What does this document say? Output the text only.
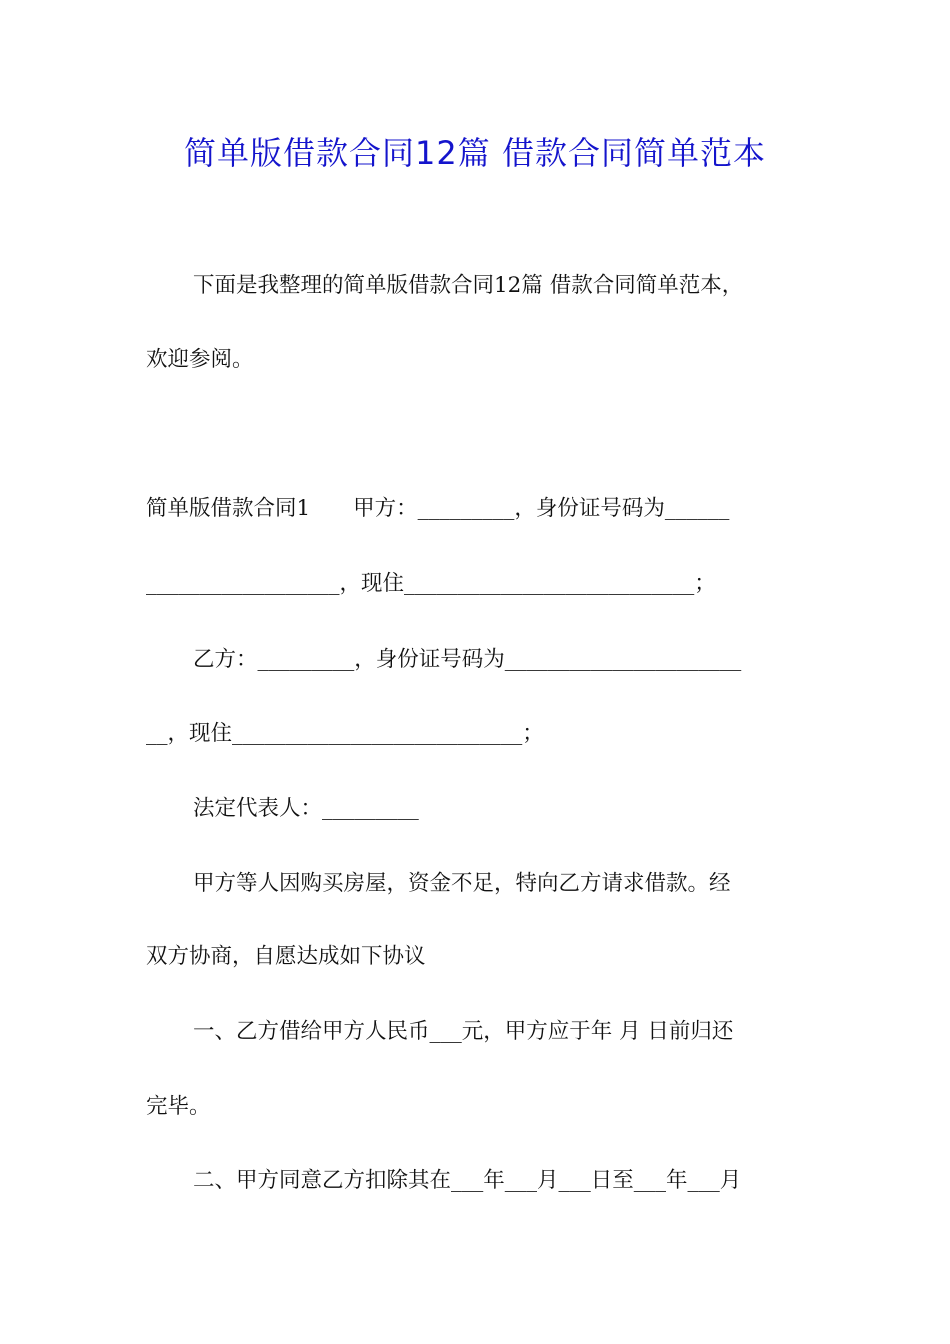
简单版借款合同12篇 借款合同简单范本
下面是我整理的简单版借款合同12篇 借款合同简单范本，
欢迎参阅。
简单版借款合同1　　甲方：_________，身份证号码为______
__________________，现住___________________________；
乙方：_________，身份证号码为______________________
__，现住___________________________；
法定代表人：_________
甲方等人因购买房屋，资金不足，特向乙方请求借款。经
双方协商，自愿达成如下协议
一、乙方借给甲方人民币___元，甲方应于年 月 日前归还
完毕。
二、甲方同意乙方扣除其在___年___月___日至___年___月
